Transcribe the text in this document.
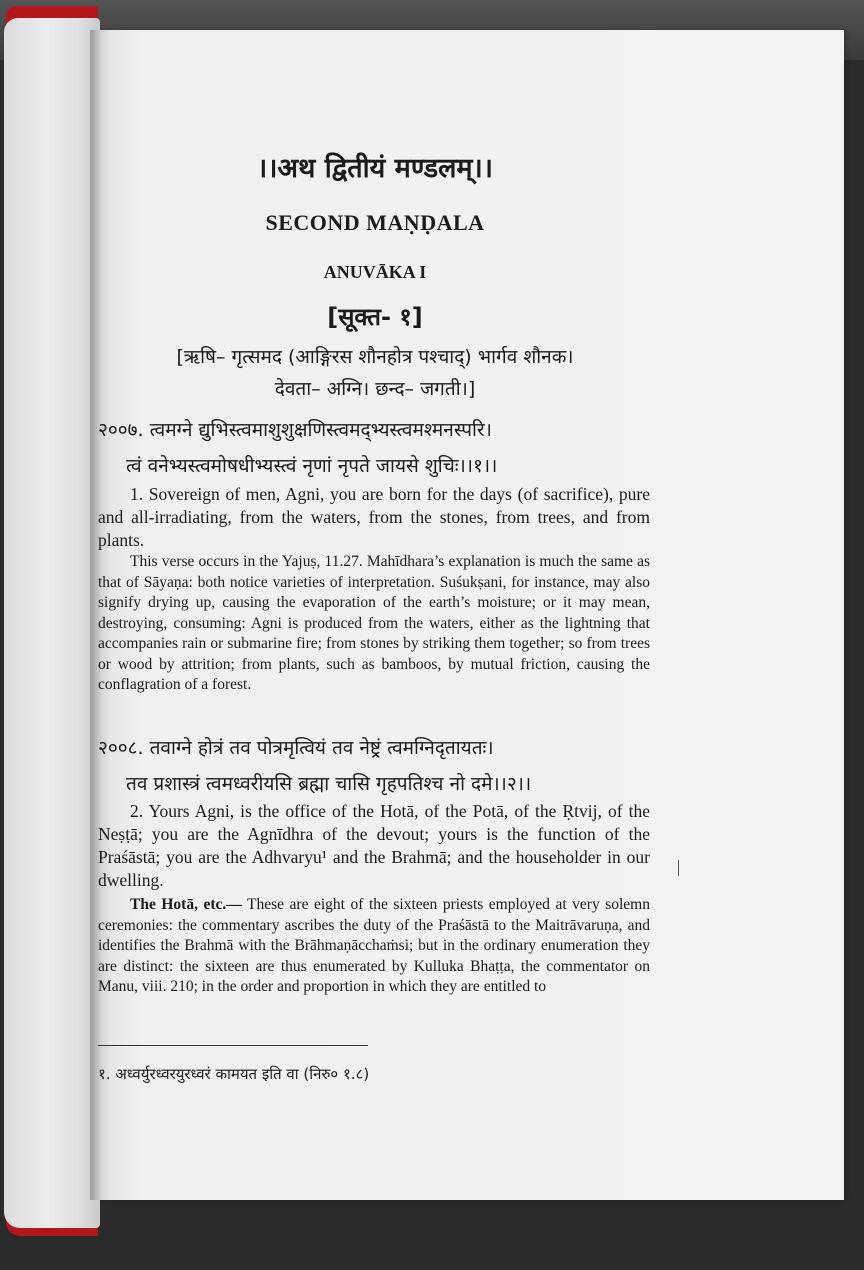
।।अथ द्वितीयं मण्डलम्।।
SECOND MAṆḌALA
ANUVĀKA I
[सूक्त- १]
[ऋषि– गृत्समद (आङ्गिरस शौनहोत्र पश्चाद्) भार्गव शौनक।
देवता– अग्नि। छन्द– जगती।]
२००७. त्वमग्ने द्युभिस्त्वमाशुशुक्षणिस्त्वमद्भ्यस्त्वमश्मनस्परि।
त्वं वनेभ्यस्त्वमोषधीभ्यस्त्वं नृणां नृपते जायसे शुचिः।।१।।
1. Sovereign of men, Agni, you are born for the days (of sacrifice), pure and all-irradiating, from the waters, from the stones, from trees, and from plants.
This verse occurs in the Yajuṣ, 11.27. Mahīdhara’s explanation is much the same as that of Sāyaṇa: both notice varieties of interpretation. Suśukṣani, for instance, may also signify drying up, causing the evaporation of the earth’s moisture; or it may mean, destroying, consuming: Agni is produced from the waters, either as the lightning that accompanies rain or submarine fire; from stones by striking them together; so from trees or wood by attrition; from plants, such as bamboos, by mutual friction, causing the conflagration of a forest.
२००८. तवाग्ने होत्रं तव पोत्रमृत्वियं तव नेष्ट्रं त्वमग्निदृतायतः।
तव प्रशास्त्रं त्वमध्वरीयसि ब्रह्मा चासि गृहपतिश्च नो दमे।।२।।
2. Yours Agni, is the office of the Hotā, of the Potā, of the Ṛtvij, of the Neṣṭā; you are the Agnīdhra of the devout; yours is the function of the Praśāstā; you are the Adhvaryu¹ and the Brahmā; and the householder in our dwelling.
The Hotā, etc.— These are eight of the sixteen priests employed at very solemn ceremonies: the commentary ascribes the duty of the Praśāstā to the Maitrāvaruṇa, and identifies the Brahmā with the Brāhmaṇācchaṁsi; but in the ordinary enumeration they are distinct: the sixteen are thus enumerated by Kulluka Bhaṭṭa, the commentator on Manu, viii. 210; in the order and proportion in which they are entitled to
१. अध्वर्युरध्वरयुरध्वरं कामयत इति वा (निरु० १.८)
